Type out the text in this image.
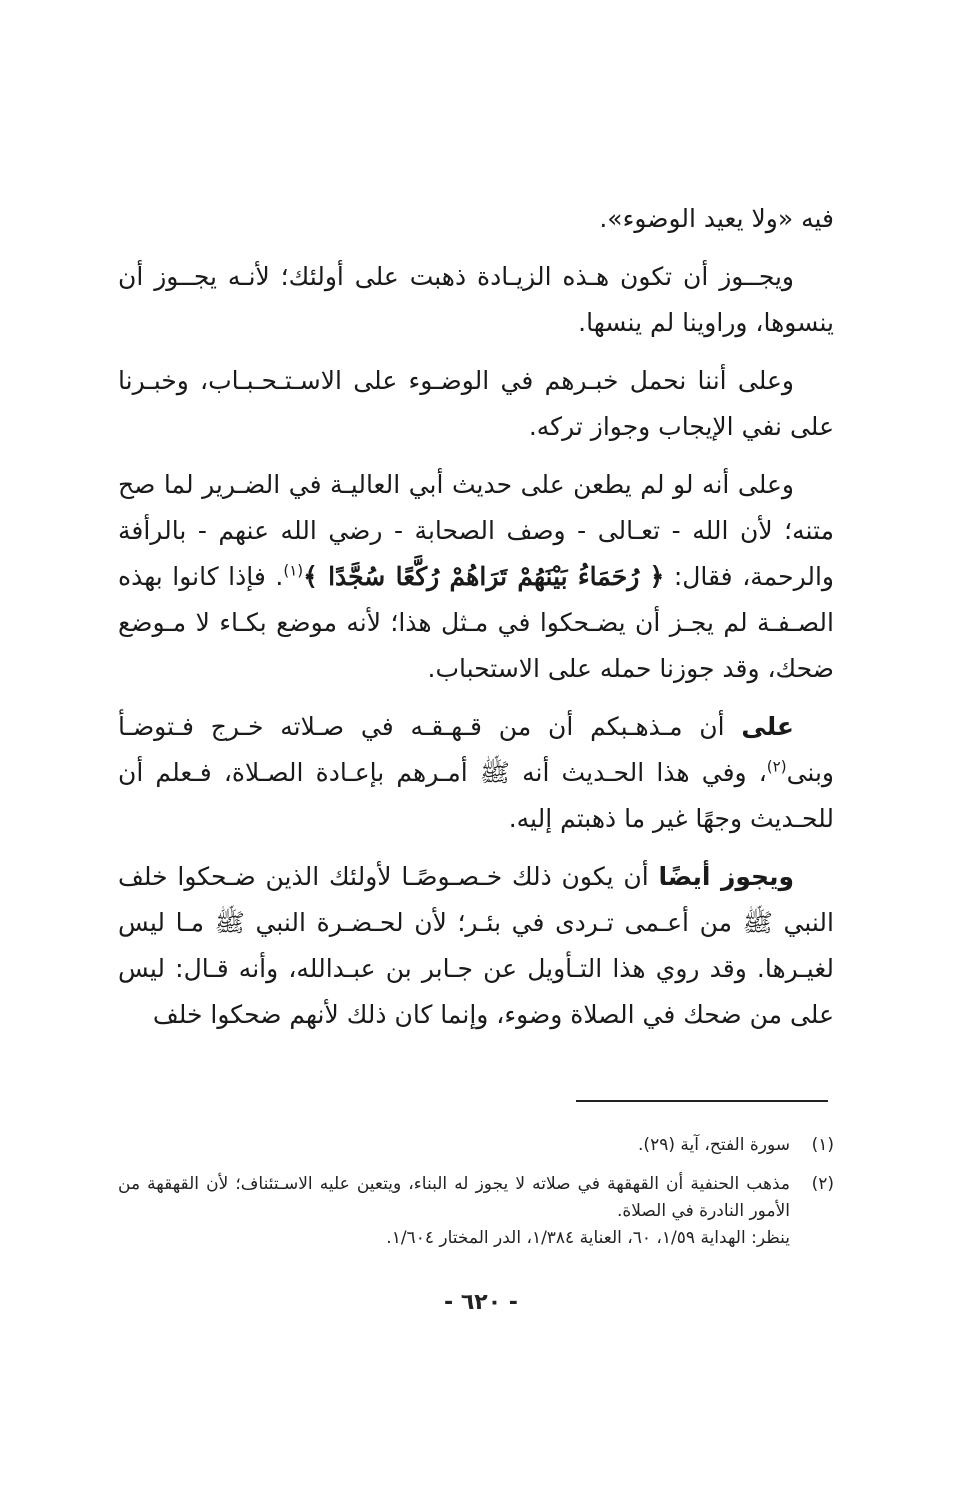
فيه «ولا يعيد الوضوء».

ويجــوز أن تكون هـذه الزيـادة ذهبت على أولئك؛ لأنـه يجــوز أن ينسوها، وراوينا لم ينسها.

وعلى أننا نحمل خبـرهم في الوضـوء على الاسـتـحـبـاب، وخبـرنا على نفي الإيجاب وجواز تركه.

وعلى أنه لو لم يطعن على حديث أبي العاليـة في الضـرير لما صح متنه؛ لأن الله - تعـالى - وصف الصحابة - رضي الله عنهم - بالرأفة والرحمة، فقال: ﴿ رُحَمَاءُ بَيْنَهُمْ تَرَاهُمْ رُكَّعًا سُجَّدًا ﴾$^{(١)}$. فإذا كانوا بهذه الصـفـة لم يجـز أن يضـحكوا في مـثل هذا؛ لأنه موضع بكـاء لا مـوضع ضحك، وقد جوزنا حمله على الاستحباب.

على أن مـذهـبكم أن من قـهـقـه في صـلاته خـرج فـتوضـأ وبنى$^{(٢)}$، وفي هذا الحـديث أنه ﷺ أمـرهم بإعـادة الصـلاة، فـعلم أن للحـديث وجهًا غير ما ذهبتم إليه.

ويجوز أيضًا أن يكون ذلك خـصـوصًـا لأولئك الذين ضـحكوا خلف النبي ﷺ من أعـمى تـردى في بئـر؛ لأن لحـضـرة النبي ﷺ مـا ليس لغيـرها. وقد روي هذا التـأويل عن جـابر بن عبـدالله، وأنه قـال: ليس على من ضحك في الصلاة وضوء، وإنما كان ذلك لأنهم ضحكوا خلف

(١)
سورة الفتح، آية (٢٩).
(٢)
مذهب الحنفية أن القهقهة في صلاته لا يجوز له البناء، ويتعين عليه الاسـتئناف؛ لأن القهقهة من الأمور النادرة في الصلاة.
ينظر: الهداية ١/٥٩، ٦٠، العناية ١/٣٨٤، الدر المختار ١/٦٠٤.
- ٦٢٠ -
